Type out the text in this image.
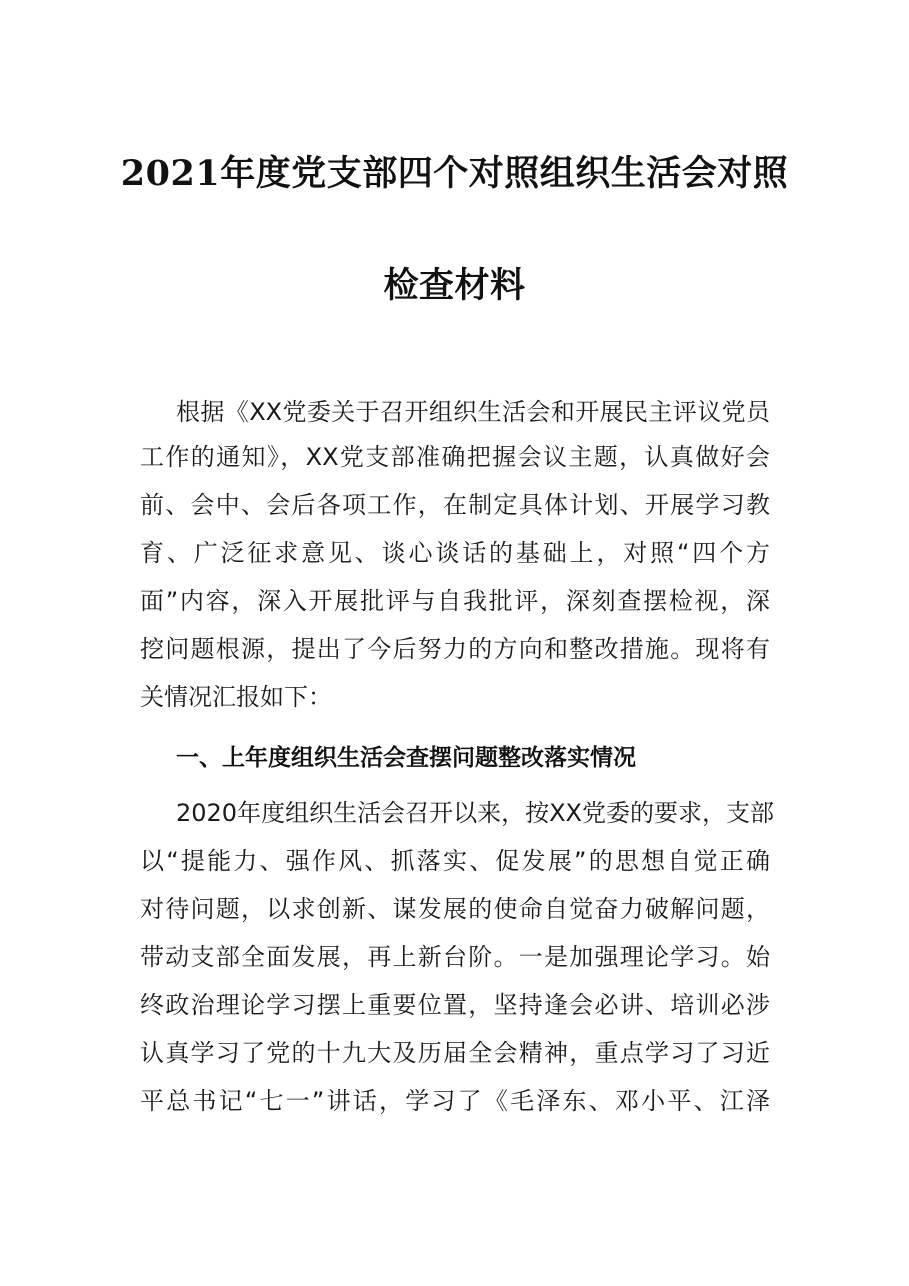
2021年度党支部四个对照组织生活会对照
检查材料
根据《XX党委关于召开组织生活会和开展民主评议党员
工作的通知》，XX党支部准确把握会议主题，认真做好会
前、会中、会后各项工作，在制定具体计划、开展学习教
育、广泛征求意见、谈心谈话的基础上，对照“四个方
面”内容，深入开展批评与自我批评，深刻查摆检视，深
挖问题根源，提出了今后努力的方向和整改措施。现将有
关情况汇报如下：
一、上年度组织生活会查摆问题整改落实情况
2020年度组织生活会召开以来，按XX党委的要求，支部
以“提能力、强作风、抓落实、促发展”的思想自觉正确
对待问题，以求创新、谋发展的使命自觉奋力破解问题，
带动支部全面发展，再上新台阶。一是加强理论学习。始
终政治理论学习摆上重要位置，坚持逢会必讲、培训必涉
认真学习了党的十九大及历届全会精神，重点学习了习近
平总书记“七一”讲话，学习了《毛泽东、邓小平、江泽
